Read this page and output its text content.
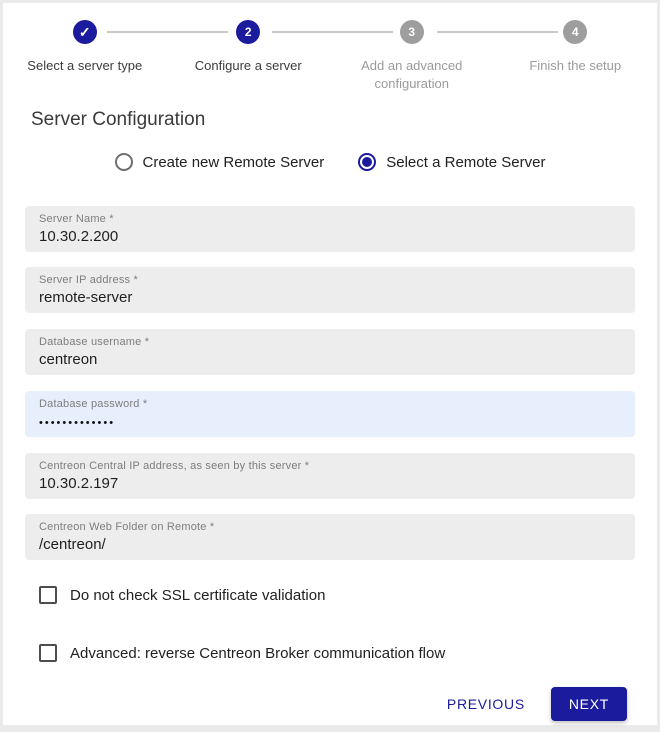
✓
Select a server type
2
Configure a server
3
Add an advanced configuration
4
Finish the setup
Server Configuration
Create new Remote Server	Select a Remote Server
Server Name *
10.30.2.200
Server IP address *
remote-server
Database username *
centreon
Database password *
•••••••••••••
Centreon Central IP address, as seen by this server *
10.30.2.197
Centreon Web Folder on Remote *
/centreon/
Do not check SSL certificate validation
Advanced: reverse Centreon Broker communication flow
PREVIOUS	NEXT
